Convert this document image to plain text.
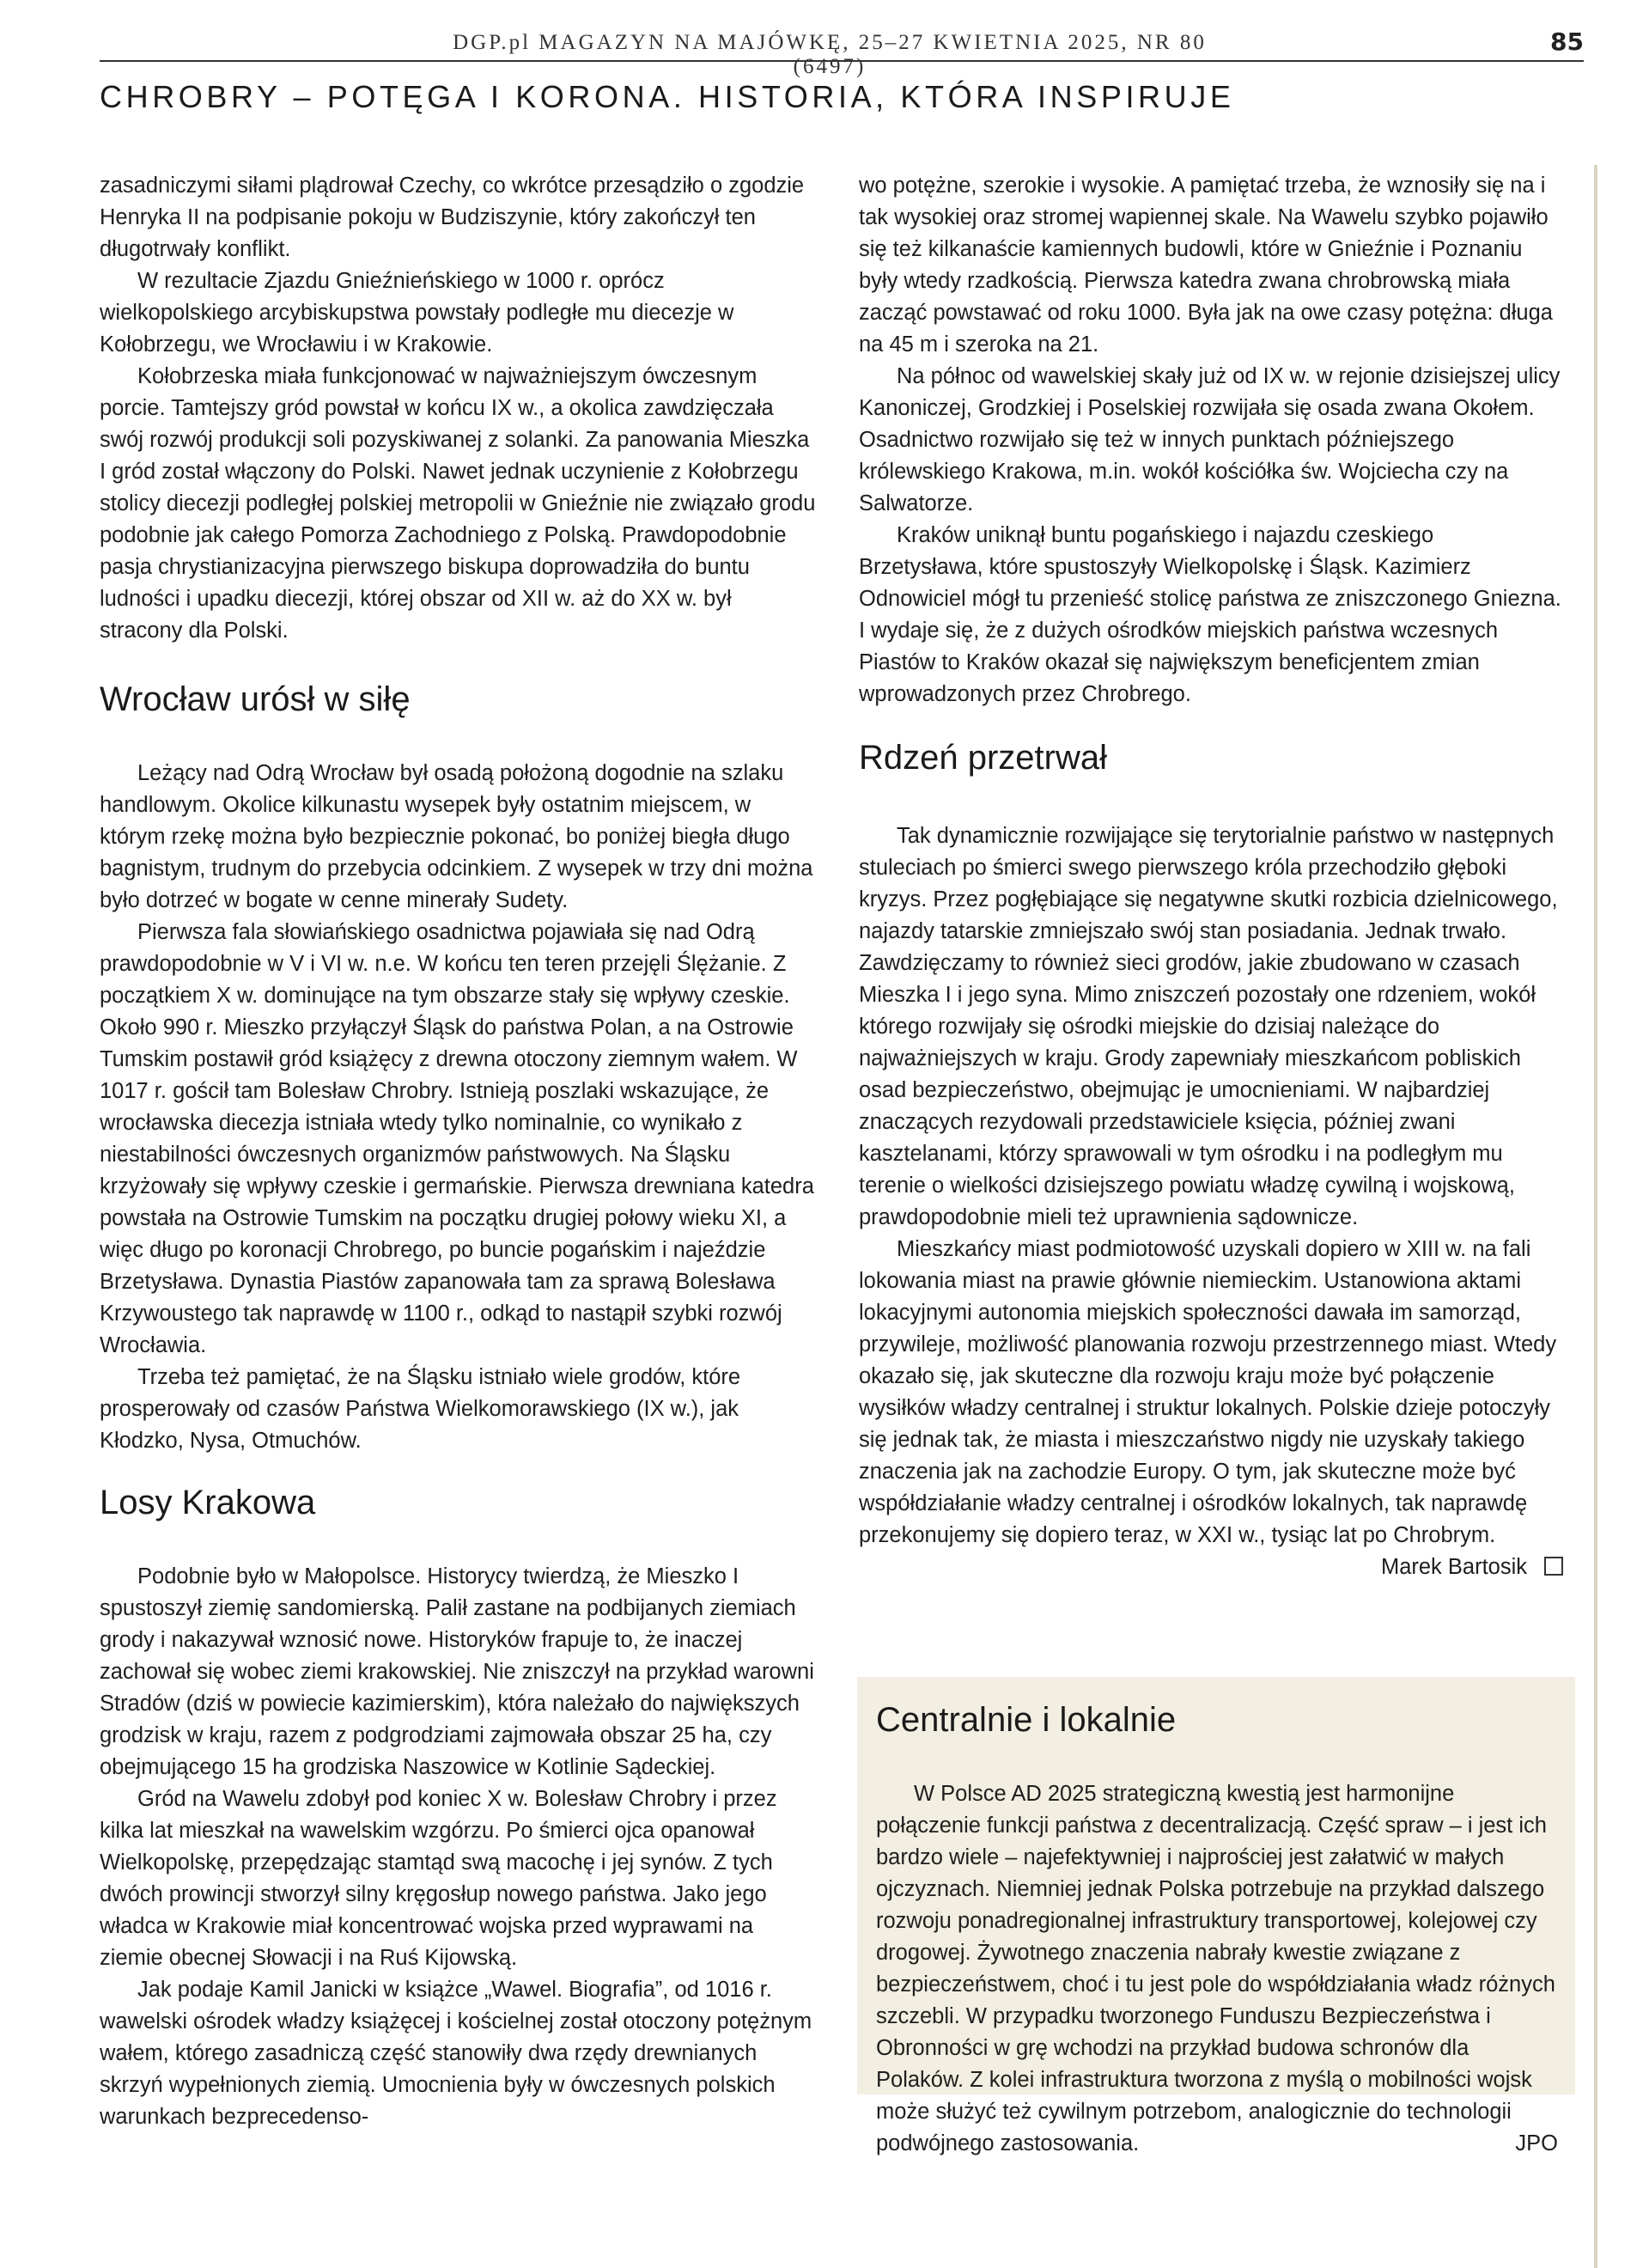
DGP.pl MAGAZYN NA MAJÓWKĘ, 25–27 KWIETNIA 2025, NR 80 (6497)
85
CHROBRY – POTĘGA I KORONA. HISTORIA, KTÓRA INSPIRUJE

zasadniczymi siłami plądrował Czechy, co wkrótce przesądziło o zgodzie Henryka II na podpisanie pokoju w Budziszynie, który zakończył ten długotrwały konflikt.

W rezultacie Zjazdu Gnieźnieńskiego w 1000 r. oprócz wielkopolskiego arcybiskupstwa powstały podległe mu diecezje w Kołobrzegu, we Wrocławiu i w Krakowie.

Kołobrzeska miała funkcjonować w najważniejszym ówczesnym porcie. Tamtejszy gród powstał w końcu IX w., a okolica zawdzięczała swój rozwój produkcji soli pozyskiwanej z solanki. Za panowania Mieszka I gród został włączony do Polski. Nawet jednak uczynienie z Kołobrzegu stolicy diecezji podległej polskiej metropolii w Gnieźnie nie związało grodu podobnie jak całego Pomorza Zachodniego z Polską. Prawdopodobnie pasja chrystianizacyjna pierwszego biskupa doprowadziła do buntu ludności i upadku diecezji, której obszar od XII w. aż do XX w. był stracony dla Polski.

Wrocław urósł w siłę

Leżący nad Odrą Wrocław był osadą położoną dogodnie na szlaku handlowym. Okolice kilkunastu wysepek były ostatnim miejscem, w którym rzekę można było bezpiecznie pokonać, bo poniżej biegła długo bagnistym, trudnym do przebycia odcinkiem. Z wysepek w trzy dni można było dotrzeć w bogate w cenne minerały Sudety.

Pierwsza fala słowiańskiego osadnictwa pojawiała się nad Odrą prawdopodobnie w V i VI w. n.e. W końcu ten teren przejęli Ślężanie. Z początkiem X w. dominujące na tym obszarze stały się wpływy czeskie. Około 990 r. Mieszko przyłączył Śląsk do państwa Polan, a na Ostrowie Tumskim postawił gród książęcy z drewna otoczony ziemnym wałem. W 1017 r. gościł tam Bolesław Chrobry. Istnieją poszlaki wskazujące, że wrocławska diecezja istniała wtedy tylko nominalnie, co wynikało z niestabilności ówczesnych organizmów państwowych. Na Śląsku krzyżowały się wpływy czeskie i germańskie. Pierwsza drewniana katedra powstała na Ostrowie Tumskim na początku drugiej połowy wieku XI, a więc długo po koronacji Chrobrego, po buncie pogańskim i najeździe Brzetysława. Dynastia Piastów zapanowała tam za sprawą Bolesława Krzywoustego tak naprawdę w 1100 r., odkąd to nastąpił szybki rozwój Wrocławia.

Trzeba też pamiętać, że na Śląsku istniało wiele grodów, które prosperowały od czasów Państwa Wielkomorawskiego (IX w.), jak Kłodzko, Nysa, Otmuchów.

Losy Krakowa

Podobnie było w Małopolsce. Historycy twierdzą, że Mieszko I spustoszył ziemię sandomierską. Palił zastane na podbijanych ziemiach grody i nakazywał wznosić nowe. Historyków frapuje to, że inaczej zachował się wobec ziemi krakowskiej. Nie zniszczył na przykład warowni Stradów (dziś w powiecie kazimierskim), która należało do największych grodzisk w kraju, razem z podgrodziami zajmowała obszar 25 ha, czy obejmującego 15 ha grodziska Naszowice w Kotlinie Sądeckiej.

Gród na Wawelu zdobył pod koniec X w. Bolesław Chrobry i przez kilka lat mieszkał na wawelskim wzgórzu. Po śmierci ojca opanował Wielkopolskę, przepędzając stamtąd swą macochę i jej synów. Z tych dwóch prowincji stworzył silny kręgosłup nowego państwa. Jako jego władca w Krakowie miał koncentrować wojska przed wyprawami na ziemie obecnej Słowacji i na Ruś Kijowską.

Jak podaje Kamil Janicki w książce „Wawel. Biografia”, od 1016 r. wawelski ośrodek władzy książęcej i kościelnej został otoczony potężnym wałem, którego zasadniczą część stanowiły dwa rzędy drewnianych skrzyń wypełnionych ziemią. Umocnienia były w ówczesnych polskich warunkach bezprecedenso-

wo potężne, szerokie i wysokie. A pamiętać trzeba, że wznosiły się na i tak wysokiej oraz stromej wapiennej skale. Na Wawelu szybko pojawiło się też kilkanaście kamiennych budowli, które w Gnieźnie i Poznaniu były wtedy rzadkością. Pierwsza katedra zwana chrobrowską miała zacząć powstawać od roku 1000. Była jak na owe czasy potężna: długa na 45 m i szeroka na 21.

Na północ od wawelskiej skały już od IX w. w rejonie dzisiejszej ulicy Kanoniczej, Grodzkiej i Poselskiej rozwijała się osada zwana Okołem. Osadnictwo rozwijało się też w innych punktach późniejszego królewskiego Krakowa, m.in. wokół kościółka św. Wojciecha czy na Salwatorze.

Kraków uniknął buntu pogańskiego i najazdu czeskiego Brzetysława, które spustoszyły Wielkopolskę i Śląsk. Kazimierz Odnowiciel mógł tu przenieść stolicę państwa ze zniszczonego Gniezna. I wydaje się, że z dużych ośrodków miejskich państwa wczesnych Piastów to Kraków okazał się największym beneficjentem zmian wprowadzonych przez Chrobrego.

Rdzeń przetrwał

Tak dynamicznie rozwijające się terytorialnie państwo w następnych stuleciach po śmierci swego pierwszego króla przechodziło głęboki kryzys. Przez pogłębiające się negatywne skutki rozbicia dzielnicowego, najazdy tatarskie zmniejszało swój stan posiadania. Jednak trwało. Zawdzięczamy to również sieci grodów, jakie zbudowano w czasach Mieszka I i jego syna. Mimo zniszczeń pozostały one rdzeniem, wokół którego rozwijały się ośrodki miejskie do dzisiaj należące do najważniejszych w kraju. Grody zapewniały mieszkańcom pobliskich osad bezpieczeństwo, obejmując je umocnieniami. W najbardziej znaczących rezydowali przedstawiciele księcia, później zwani kasztelanami, którzy sprawowali w tym ośrodku i na podległym mu terenie o wielkości dzisiejszego powiatu władzę cywilną i wojskową, prawdopodobnie mieli też uprawnienia sądownicze.

Mieszkańcy miast podmiotowość uzyskali dopiero w XIII w. na fali lokowania miast na prawie głównie niemieckim. Ustanowiona aktami lokacyjnymi autonomia miejskich społeczności dawała im samorząd, przywileje, możliwość planowania rozwoju przestrzennego miast. Wtedy okazało się, jak skuteczne dla rozwoju kraju może być połączenie wysiłków władzy centralnej i struktur lokalnych. Polskie dzieje potoczyły się jednak tak, że miasta i mieszczaństwo nigdy nie uzyskały takiego znaczenia jak na zachodzie Europy. O tym, jak skuteczne może być współdziałanie władzy centralnej i ośrodków lokalnych, tak naprawdę przekonujemy się dopiero teraz, w XXI w., tysiąc lat po Chrobrym.

Marek Bartosik
Centralnie i lokalnie

W Polsce AD 2025 strategiczną kwestią jest harmonijne połączenie funkcji państwa z decentralizacją. Część spraw – i jest ich bardzo wiele – najefektywniej i najprościej jest załatwić w małych ojczyznach. Niemniej jednak Polska potrzebuje na przykład dalszego rozwoju ponadregionalnej infrastruktury transportowej, kolejowej czy drogowej. Żywotnego znaczenia nabrały kwestie związane z bezpieczeństwem, choć i tu jest pole do współdziałania władz różnych szczebli. W przypadku tworzonego Funduszu Bezpieczeństwa i Obronności w grę wchodzi na przykład budowa schronów dla Polaków. Z kolei infrastruktura tworzona z myślą o mobilności wojsk może służyć też cywilnym potrzebom, analogicznie do technologii podwójnego zastosowania.	JPO
